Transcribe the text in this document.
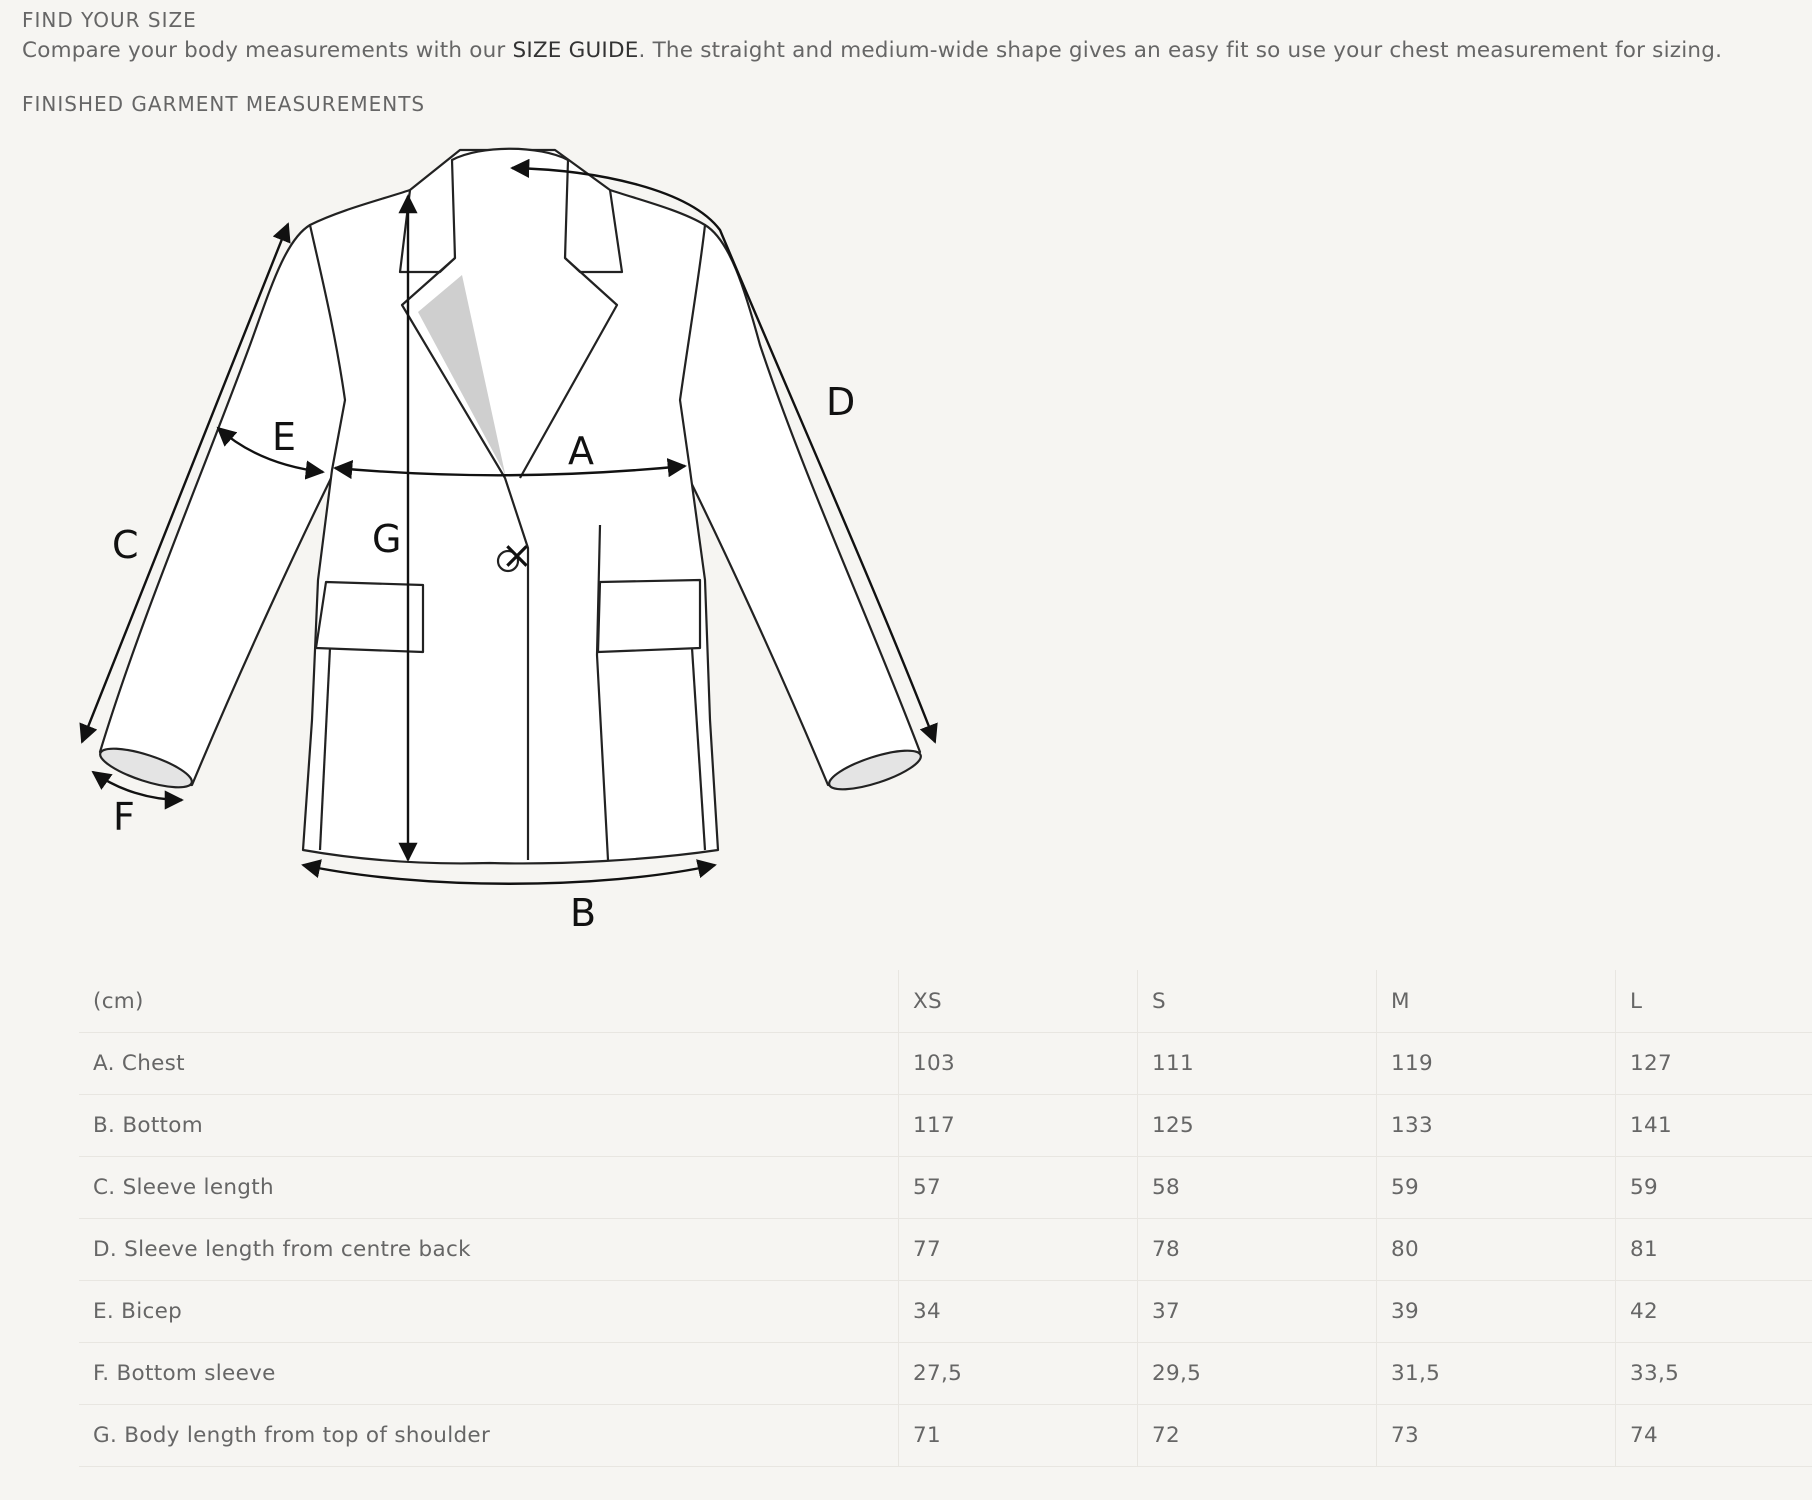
FIND YOUR SIZE
Compare your body measurements with our SIZE GUIDE. The straight and medium-wide shape gives an easy fit so use your chest measurement for sizing.
FINISHED GARMENT MEASUREMENTS
×
A
B
C
D
E
F
G
(cm)	XS	S	M	L
A. Chest	103	111	119	127
B. Bottom	117	125	133	141
C. Sleeve length	57	58	59	59
D. Sleeve length from centre back	77	78	80	81
E. Bicep	34	37	39	42
F. Bottom sleeve	27,5	29,5	31,5	33,5
G. Body length from top of shoulder	71	72	73	74
